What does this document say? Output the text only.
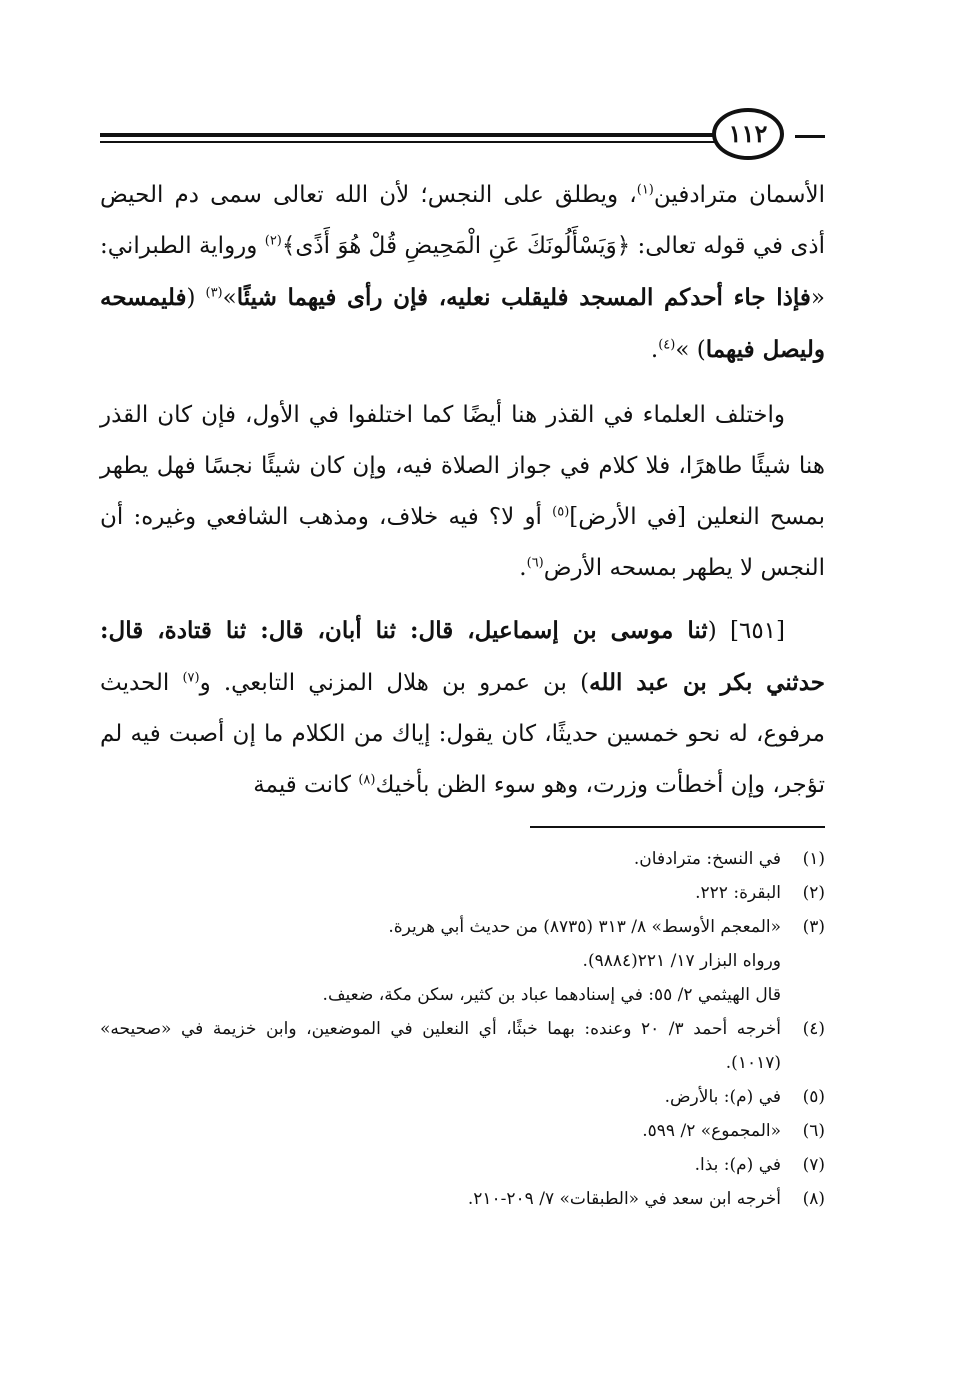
١١٢
الأسمان مترادفين$^{(١)}$، ويطلق على النجس؛ لأن الله تعالى سمى دم الحيض أذى في قوله تعالى: ﴿وَيَسْأَلُونَكَ عَنِ الْمَحِيضِ قُلْ هُوَ أَذًى﴾$^{(٢)}$ ورواية الطبراني: «فإذا جاء أحدكم المسجد فليقلب نعليه، فإن رأى فيهما شيئًا»$^{(٣)}$ (فليمسحه وليصل فيهما) »$^{(٤)}$.
واختلف العلماء في القذر هنا أيضًا كما اختلفوا في الأول، فإن كان القذر هنا شيئًا طاهرًا، فلا كلام في جواز الصلاة فيه، وإن كان شيئًا نجسًا فهل يطهر بمسح النعلين [في الأرض]$^{(٥)}$ أو لا؟ فيه خلاف، ومذهب الشافعي وغيره: أن النجس لا يطهر بمسحه الأرض$^{(٦)}$.
[٦٥١] (ثنا موسى بن إسماعيل، قال: ثنا أبان، قال: ثنا قتادة، قال: حدثني بكر بن عبد الله) بن عمرو بن هلال المزني التابعي. و$^{(٧)}$ الحديث مرفوع، له نحو خمسين حديثًا، كان يقول: إياك من الكلام ما إن أصبت فيه لم تؤجر، وإن أخطأت وزرت، وهو سوء الظن بأخيك$^{(٨)}$ كانت قيمة
(١)
في النسخ: مترادفان.
(٢)
البقرة: ٢٢٢.
(٣)
«المعجم الأوسط» ٨/ ٣١٣ (٨٧٣٥) من حديث أبي هريرة.
ورواه البزار ١٧/ ٢٢١(٩٨٨٤).
قال الهيثمي ٢/ ٥٥: في إسنادهما عباد بن كثير، سكن مكة، ضعيف.
(٤)
أخرجه أحمد ٣/ ٢٠ وعنده: بهما خبثًا، أي النعلين في الموضعين، وابن خزيمة في «صحيحه» (١٠١٧).
(٥)
في (م): بالأرض.
(٦)
«المجموع» ٢/ ٥٩٩.
(٧)
في (م): بذا.
(٨)
أخرجه ابن سعد في «الطبقات» ٧/ ٢٠٩-٢١٠.
